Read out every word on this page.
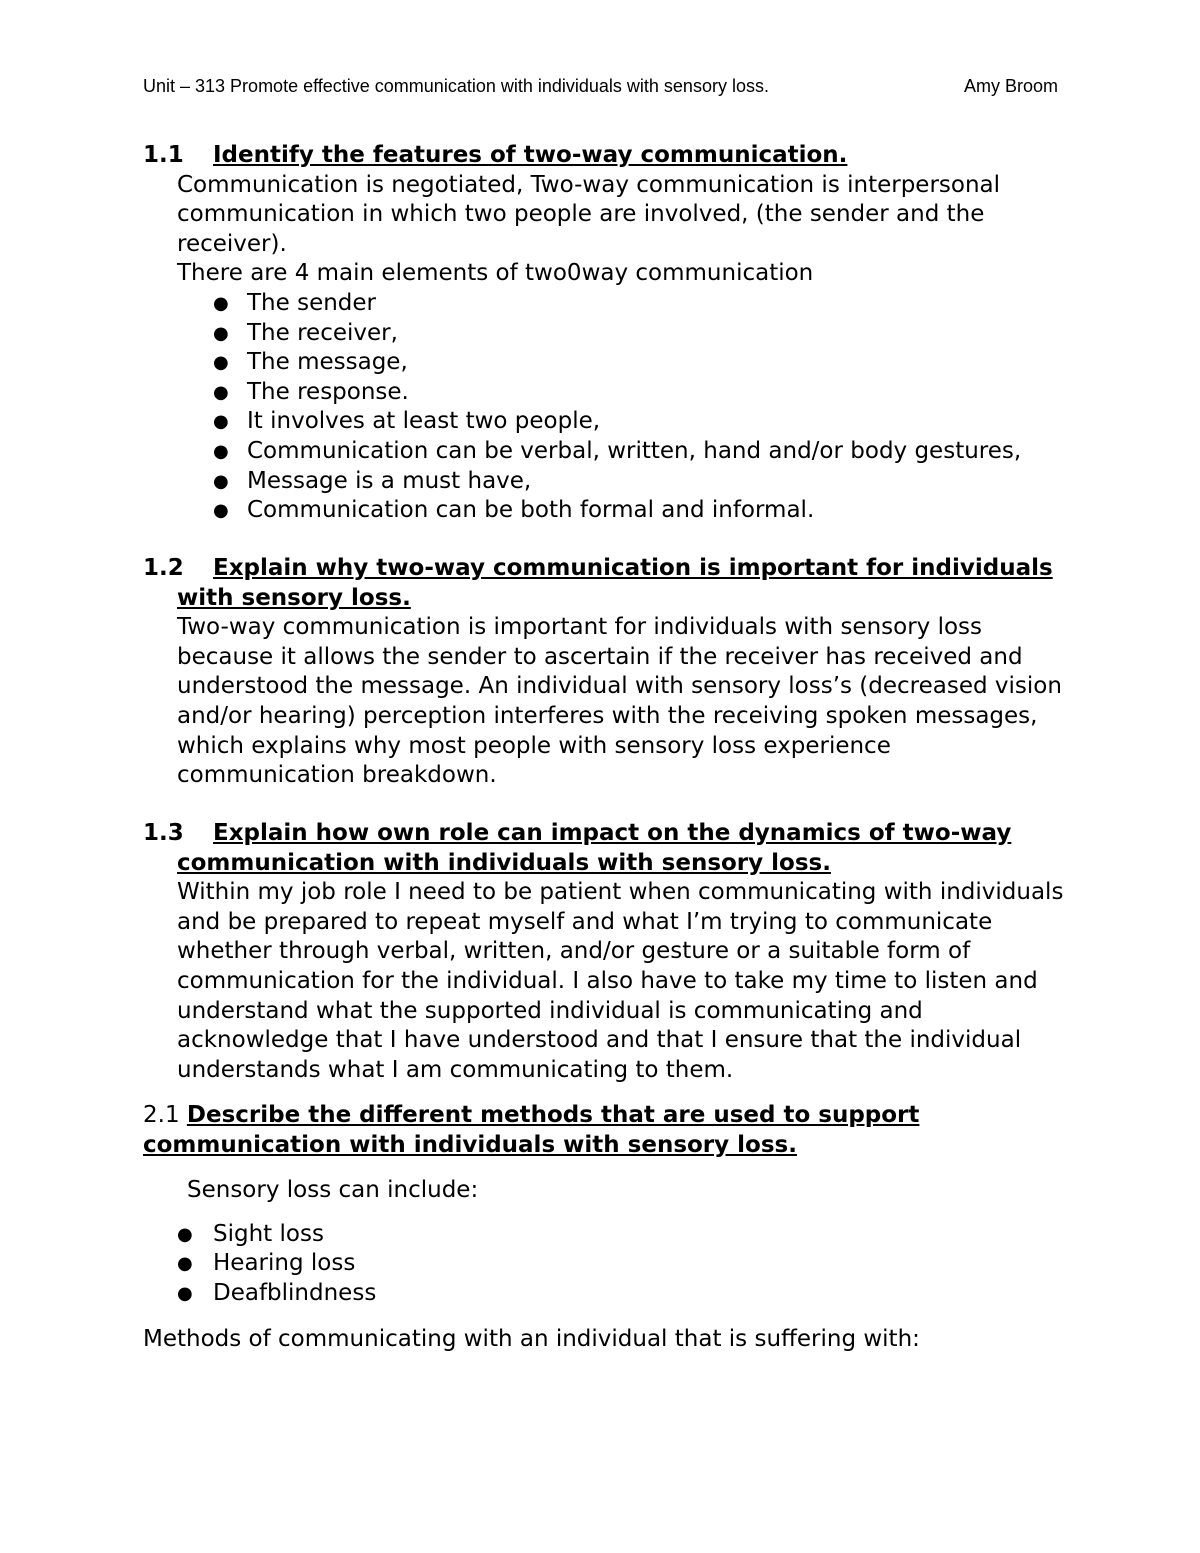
Unit – 313 Promote effective communication with individuals with sensory loss.	Amy Broom
1.1	Identify the features of two-way communication.
Communication is negotiated, Two-way communication is interpersonal communication in which two people are involved, (the sender and the receiver).
There are 4 main elements of two0way communication
● The sender
● The receiver,
● The message,
● The response.
● It involves at least two people,
● Communication can be verbal, written, hand and/or body gestures,
● Message is a must have,
● Communication can be both formal and informal.
1.2	Explain why two-way communication is important for individuals with sensory loss.
Two-way communication is important for individuals with sensory loss because it allows the sender to ascertain if the receiver has received and understood the message. An individual with sensory loss’s (decreased vision and/or hearing) perception interferes with the receiving spoken messages, which explains why most people with sensory loss experience communication breakdown.
1.3	Explain how own role can impact on the dynamics of two-way communication with individuals with sensory loss.
Within my job role I need to be patient when communicating with individuals and be prepared to repeat myself and what I’m trying to communicate whether through verbal, written, and/or gesture or a suitable form of communication for the individual. I also have to take my time to listen and understand what the supported individual is communicating and acknowledge that I have understood and that I ensure that the individual understands what I am communicating to them.
2.1 Describe the different methods that are used to support communication with individuals with sensory loss.
Sensory loss can include:
● Sight loss
● Hearing loss
● Deafblindness
Methods of communicating with an individual that is suffering with:
